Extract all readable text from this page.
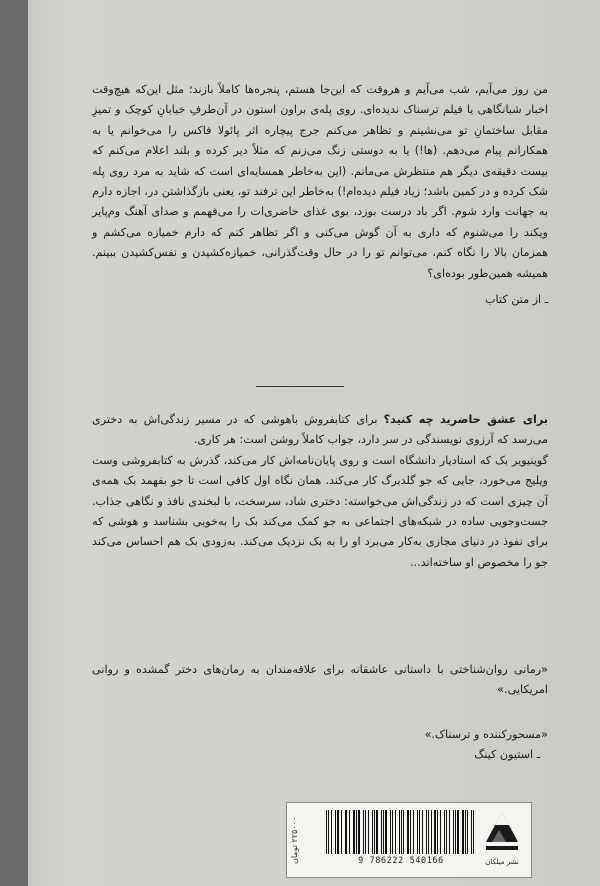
من روز می‌آیم، شب می‌آیم و هروقت که این‌جا هستم، پنجره‌ها کاملاً بازند؛ مثل این‌که هیچ‌وقت اخبار شبانگاهی یا فیلم ترسناک ندیده‌ای. روی پله‌ی براون استون در آن‌طرفِ خیابانِ کوچک و تمیزِ مقابل ساختمانِ تو می‌نشینم و تظاهر می‌کنم جرج پیچاره اثر پائولا فاکس را می‌خوانم یا به همکارانم پیام می‌دهم. (ها!) یا به دوستی زنگ می‌زنم که مثلاً دیر کرده و بلند اعلام می‌کنم که بیست دقیقه‌ی دیگر هم منتظرش می‌مانم. (این به‌خاطر همسایه‌ای است که شاید به مرد روی پله شک کرده و در کمین باشد؛ زیاد فیلم دیده‌ام!) به‌خاطر این ترفند تو، یعنی بازگذاشتن در، اجازه دارم به جهانت وارد شوم. اگر باد درست بوزد، بوی غذای حاضری‌ات را می‌فهمم و صدای آهنگ وم‌پایر ویکند را می‌شنوم که داری به آن گوش می‌کنی و اگر تظاهر کنم که دارم خمیازه می‌کشم و همزمان بالا را نگاه کنم، می‌توانم تو را در حال وقت‌گذرانی، خمیازه‌کشیدن و نفس‌کشیدن ببینم. همیشه همین‌طور بوده‌ای؟
ـ از متن کتاب
برای عشق حاضرید چه کنید؟ برای کتابفروش باهوشی که در مسیر زندگی‌اش به دختری می‌رسد که آرزوی نویسندگی در سر دارد، جواب کاملاً روشن است: هر کاری.
گوینیویر بک که استادیار دانشگاه است و روی پایان‌نامه‌اش کار می‌کند، گذرش به کتابفروشی وست ویلیج می‌خورد، جایی که جو گلدبرگ کار می‌کند. همان نگاه اول کافی است تا جو بفهمد بک همه‌ی آن چیزی است که در زندگی‌اش می‌خواسته: دختری شاد، سرسخت، با لبخندی نافذ و نگاهی جذاب. جست‌وجویی ساده در شبکه‌های اجتماعی به جو کمک می‌کند بک را به‌خوبی بشناسد و هوشی که برای نفوذ در دنیای مجازی به‌کار می‌برد او را به بک نزدیک می‌کند. به‌زودی بک هم احساس می‌کند جو را مخصوص او ساخته‌اند...
«رمانی روان‌شناختی با داستانی عاشقانه برای علاقه‌مندان به رمان‌های دختر گمشده و روانی امریکایی.»
«مسحورکننده و ترسناک.»
ـ استیون کینگ
۲۲۵۰۰۰ تومان
9 786222 540166	نشر میلکان
